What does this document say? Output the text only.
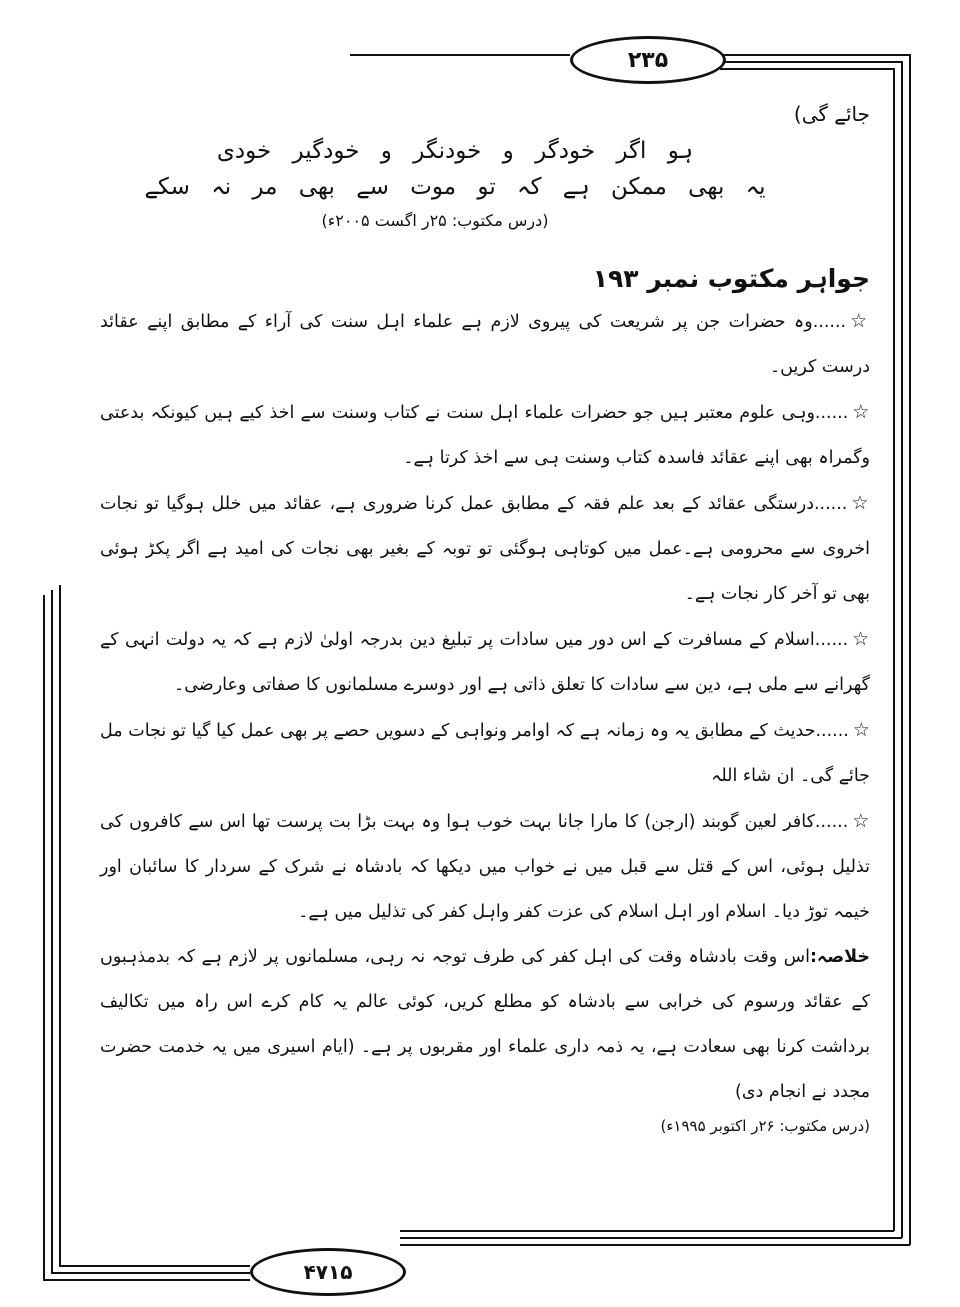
۲۳۵
۴۷۱۵

جائے گی)

ہو اگر خودگر و خودنگر و خودگیر خودی
یہ بھی ممکن ہے کہ تو موت سے بھی مر نہ سکے

(درس مکتوب: ۲۵ر اگست ۲۰۰۵ء)

جواہر مکتوب نمبر ۱۹۳

☆......وہ حضرات جن پر شریعت کی پیروی لازم ہے علماء اہل سنت کی آراء کے مطابق اپنے عقائد درست کریں۔

☆......وہی علوم معتبر ہیں جو حضرات علماء اہل سنت نے کتاب وسنت سے اخذ کیے ہیں کیونکہ بدعتی وگمراہ بھی اپنے عقائد فاسدہ کتاب وسنت ہی سے اخذ کرتا ہے۔

☆......درستگی عقائد کے بعد علم فقہ کے مطابق عمل کرنا ضروری ہے، عقائد میں خلل ہوگیا تو نجات اخروی سے محرومی ہے۔عمل میں کوتاہی ہوگئی تو توبہ کے بغیر بھی نجات کی امید ہے اگر پکڑ ہوئی بھی تو آخر کار نجات ہے۔

☆......اسلام کے مسافرت کے اس دور میں سادات پر تبلیغ دین بدرجہ اولیٰ لازم ہے کہ یہ دولت انہی کے گھرانے سے ملی ہے، دین سے سادات کا تعلق ذاتی ہے اور دوسرے مسلمانوں کا صفاتی وعارضی۔

☆......حدیث کے مطابق یہ وہ زمانہ ہے کہ اوامر ونواہی کے دسویں حصے پر بھی عمل کیا گیا تو نجات مل جائے گی۔ ان شاء اللہ

☆......کافر لعین گوبند (ارجن) کا مارا جانا بہت خوب ہوا وہ بہت بڑا بت پرست تھا اس سے کافروں کی تذلیل ہوئی، اس کے قتل سے قبل میں نے خواب میں دیکھا کہ بادشاہ نے شرک کے سردار کا سائبان اور خیمہ توڑ دیا۔ اسلام اور اہل اسلام کی عزت کفر واہل کفر کی تذلیل میں ہے۔

خلاصہ:اس وقت بادشاہ وقت کی اہل کفر کی طرف توجہ نہ رہی، مسلمانوں پر لازم ہے کہ بدمذہبوں کے عقائد ورسوم کی خرابی سے بادشاہ کو مطلع کریں، کوئی عالم یہ کام کرے اس راہ میں تکالیف برداشت کرنا بھی سعادت ہے، یہ ذمہ داری علماء اور مقربوں پر ہے۔ (ایام اسیری میں یہ خدمت حضرت مجدد نے انجام دی)

(درس مکتوب: ۲۶ر اکتوبر ۱۹۹۵ء)
